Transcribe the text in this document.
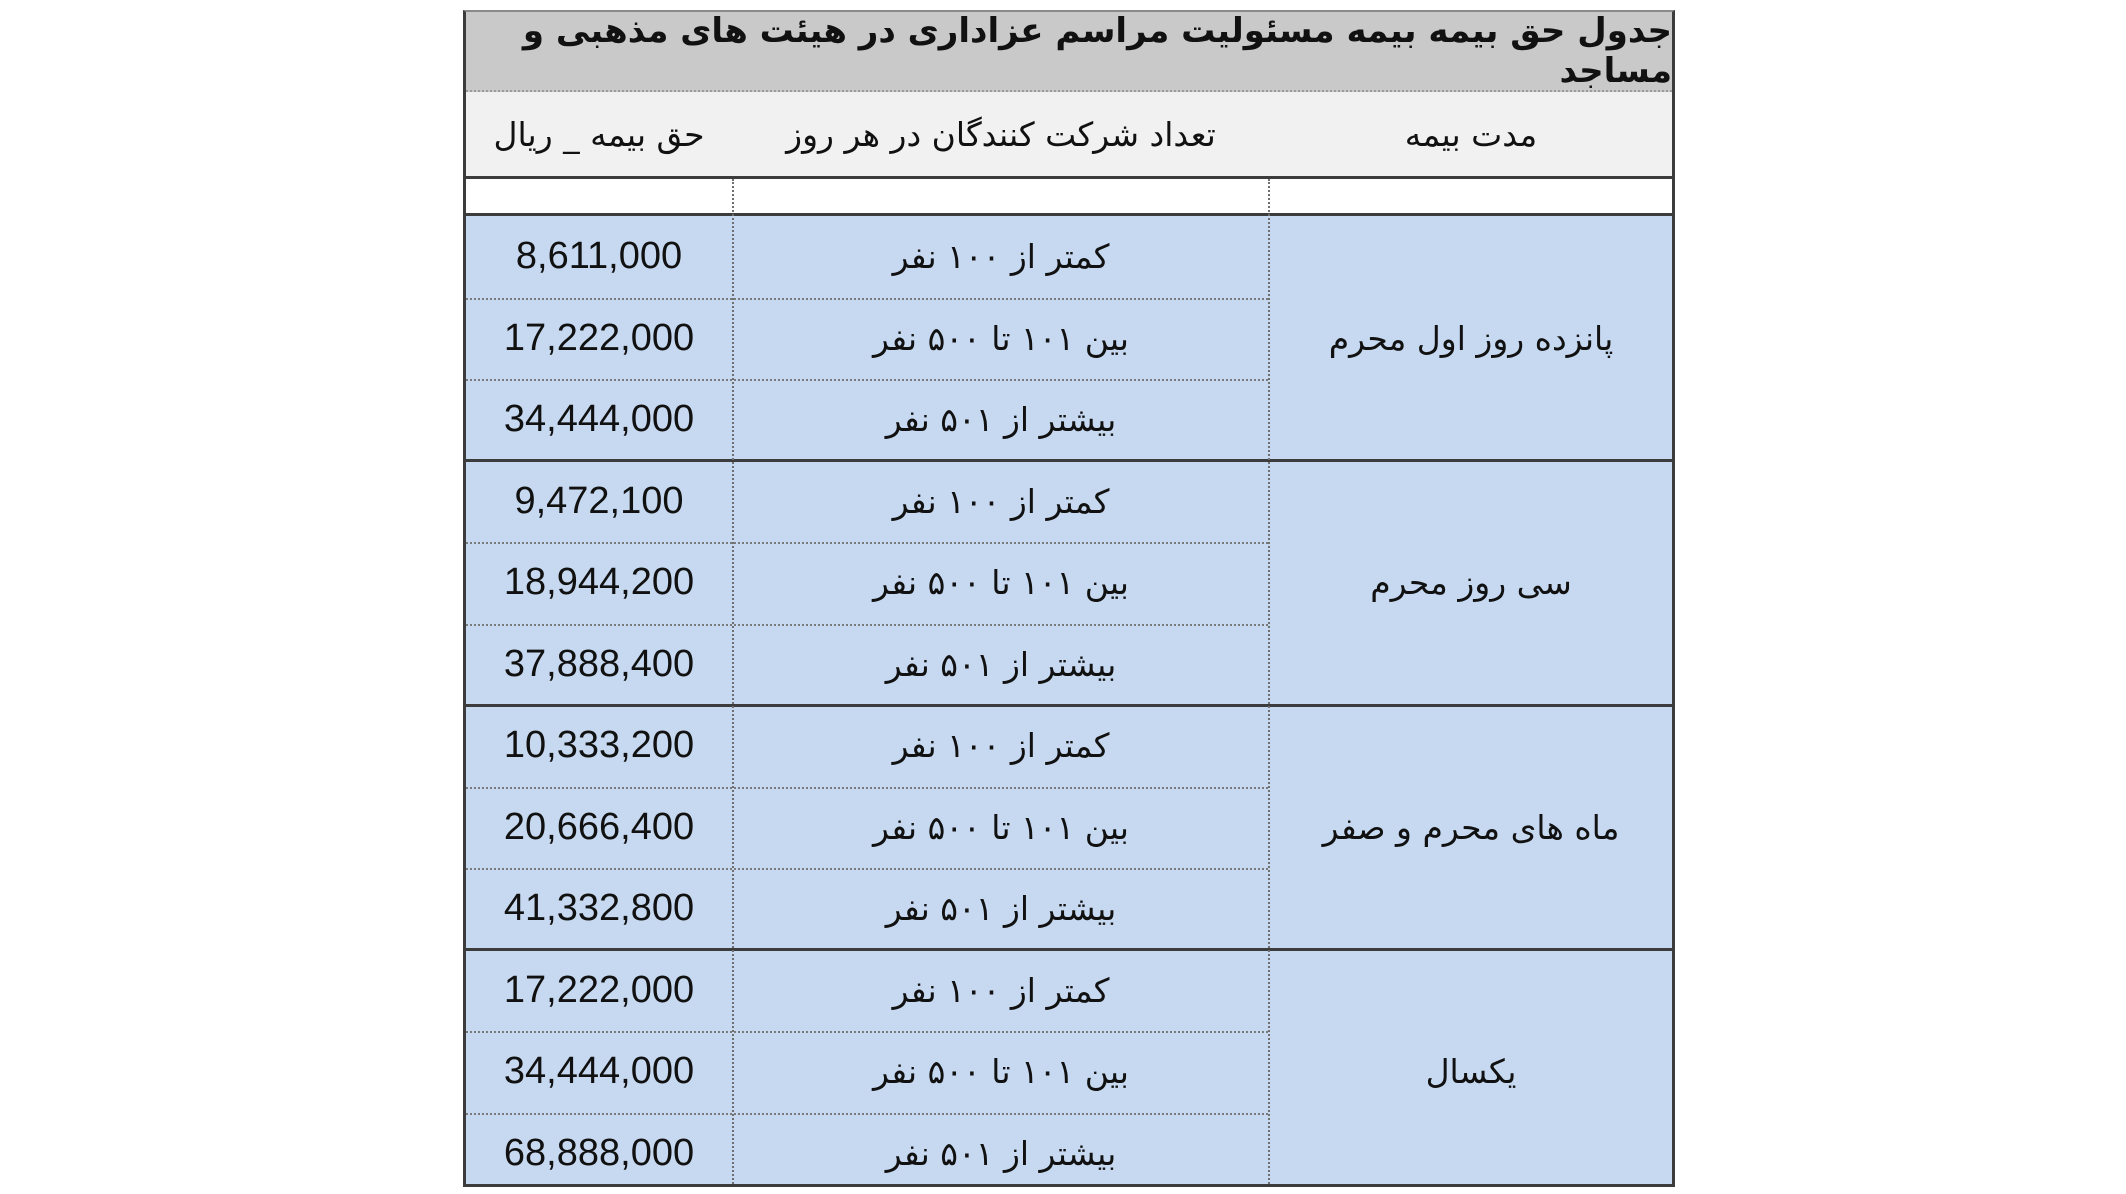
جدول حق بیمه بیمه مسئولیت مراسم عزاداری در هیئت های مذهبی و مساجد
حق بیمه _ ریال	تعداد شرکت کنندگان در هر روز	مدت بیمه
پانزده روز اول محرم
8,611,000	کمتر از ۱۰۰ نفر
17,222,000	بین ۱۰۱ تا ۵۰۰ نفر
34,444,000	بیشتر از ۵۰۱ نفر
سی روز محرم
9,472,100	کمتر از ۱۰۰ نفر
18,944,200	بین ۱۰۱ تا ۵۰۰ نفر
37,888,400	بیشتر از ۵۰۱ نفر
ماه های محرم و صفر
10,333,200	کمتر از ۱۰۰ نفر
20,666,400	بین ۱۰۱ تا ۵۰۰ نفر
41,332,800	بیشتر از ۵۰۱ نفر
یکسال
17,222,000	کمتر از ۱۰۰ نفر
34,444,000	بین ۱۰۱ تا ۵۰۰ نفر
68,888,000	بیشتر از ۵۰۱ نفر
